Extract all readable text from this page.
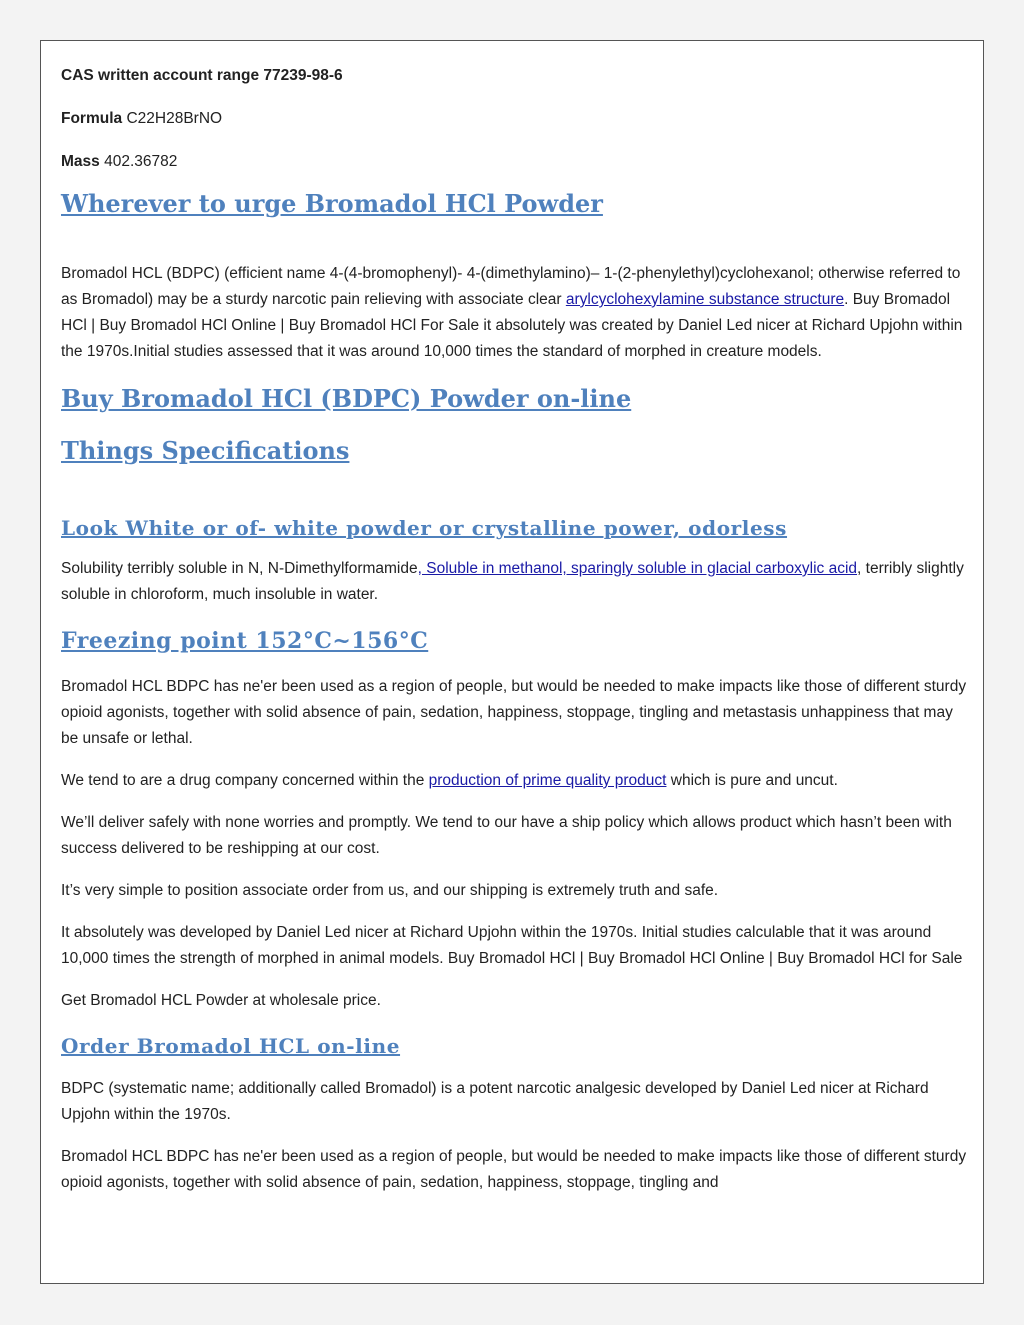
CAS written account range 77239-98-6

Formula C22H28BrNO

Mass 402.36782

Wherever to urge Bromadol HCl Powder

Bromadol HCL (BDPC) (efficient name 4-(4-bromophenyl)- 4-(dimethylamino)– 1-(2-phenylethyl)cyclohexanol; otherwise referred to as Bromadol) may be a sturdy narcotic pain relieving with associate clear arylcyclohexylamine substance structure. Buy Bromadol HCl | Buy Bromadol HCl Online | Buy Bromadol HCl For Sale it absolutely was created by Daniel Led nicer at Richard Upjohn within the 1970s.Initial studies assessed that it was around 10,000 times the standard of morphed in creature models.

Buy Bromadol HCl (BDPC) Powder on-line
Things Specifications
Look White or of- white powder or crystalline power, odorless

Solubility terribly soluble in N, N-Dimethylformamide, Soluble in methanol, sparingly soluble in glacial carboxylic acid, terribly slightly soluble in chloroform, much insoluble in water.

Freezing point 152°C~156°C

Bromadol HCL BDPC has ne'er been used as a region of people, but would be needed to make impacts like those of different sturdy opioid agonists, together with solid absence of pain, sedation, happiness, stoppage, tingling and metastasis unhappiness that may be unsafe or lethal.

We tend to are a drug company concerned within the production of prime quality product which is pure and uncut.

We’ll deliver safely with none worries and promptly. We tend to our have a ship policy which allows product which hasn’t been with success delivered to be reshipping at our cost.

It’s very simple to position associate order from us, and our shipping is extremely truth and safe.

It absolutely was developed by Daniel Led nicer at Richard Upjohn within the 1970s. Initial studies calculable that it was around 10,000 times the strength of morphed in animal models. Buy Bromadol HCl | Buy Bromadol HCl Online | Buy Bromadol HCl for Sale

Get Bromadol HCL Powder at wholesale price.

Order Bromadol HCL on-line

BDPC (systematic name; additionally called Bromadol) is a potent narcotic analgesic developed by Daniel Led nicer at Richard Upjohn within the 1970s.

Bromadol HCL BDPC has ne'er been used as a region of people, but would be needed to make impacts like those of different sturdy opioid agonists, together with solid absence of pain, sedation, happiness, stoppage, tingling and
